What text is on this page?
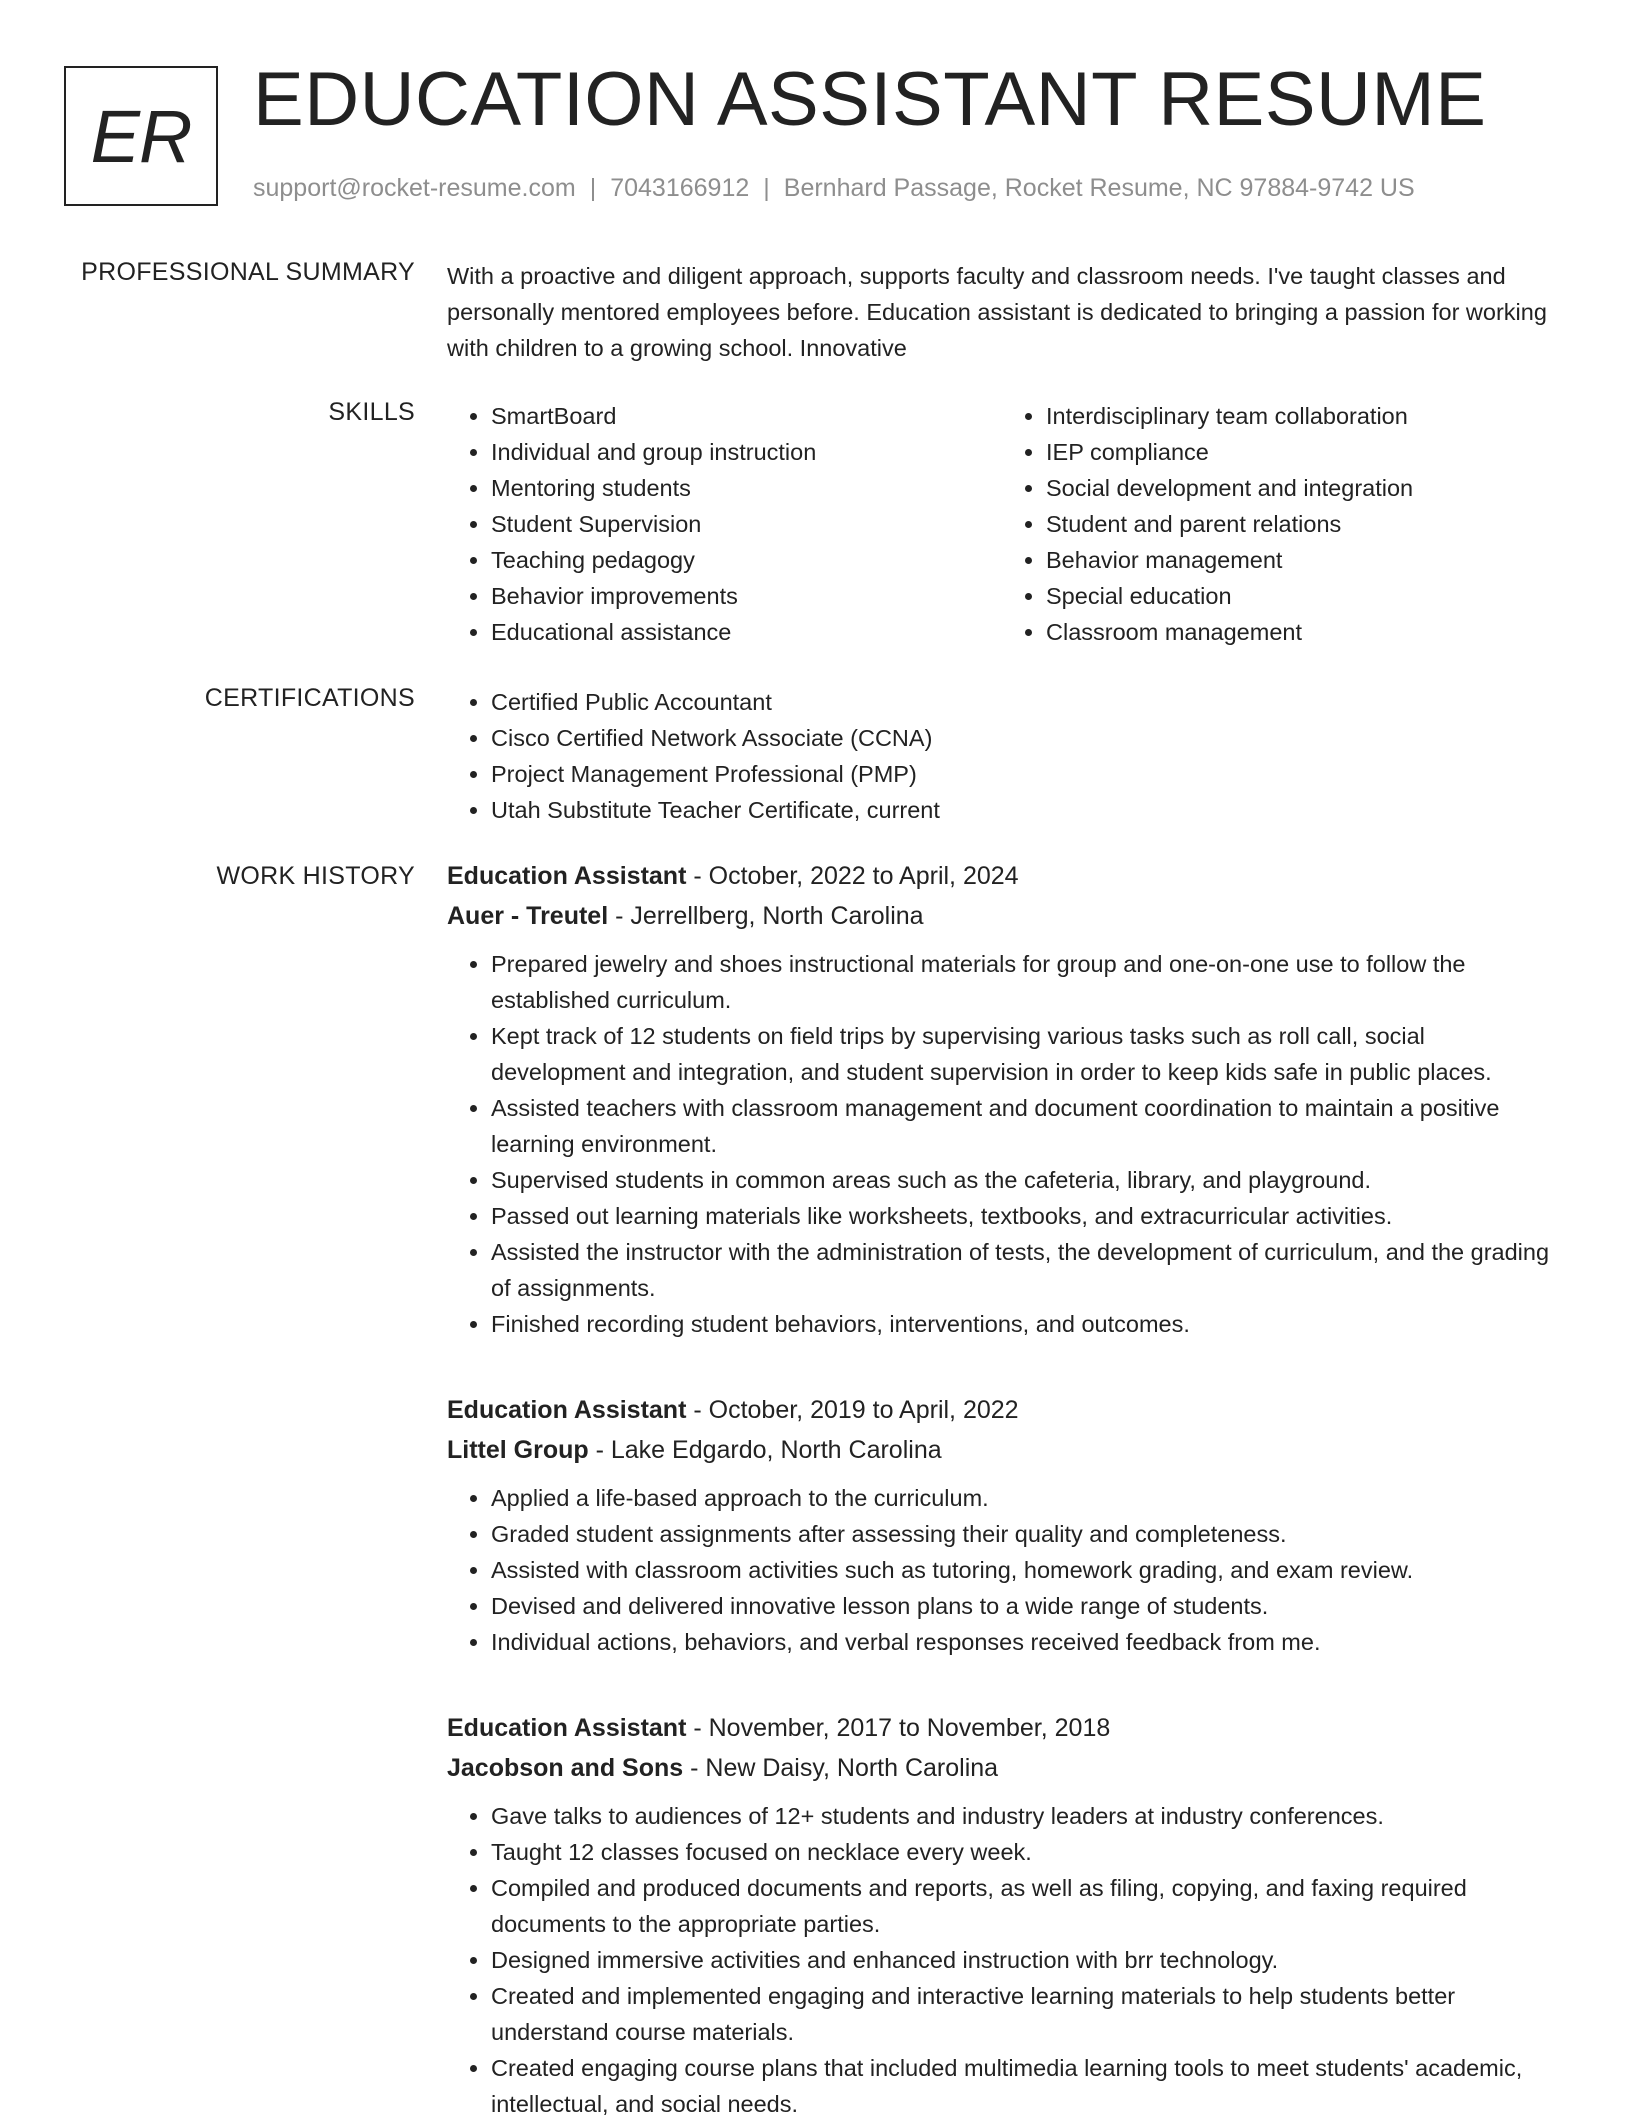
ER EDUCATION ASSISTANT RESUME
support@rocket-resume.com | 7043166912 | Bernhard Passage, Rocket Resume, NC 97884-9742 US
PROFESSIONAL SUMMARY With a proactive and diligent approach, supports faculty and classroom needs. I've taught classes and personally mentored employees before. Education assistant is dedicated to bringing a passion for working with children to a growing school. Innovative
SKILLS	• SmartBoard
• Individual and group instruction
• Mentoring students
• Student Supervision
• Teaching pedagogy
• Behavior improvements
• Educational assistance
• Interdisciplinary team collaboration
• IEP compliance
• Social development and integration
• Student and parent relations
• Behavior management
• Special education
• Classroom management
CERTIFICATIONS	• Certified Public Accountant
• Cisco Certified Network Associate (CCNA)
• Project Management Professional (PMP)
• Utah Substitute Teacher Certificate, current
WORK HISTORY Education Assistant - October, 2022 to April, 2024
Auer - Treutel - Jerrellberg, North Carolina
• Prepared jewelry and shoes instructional materials for group and one-on-one use to follow the established curriculum.
• Kept track of 12 students on field trips by supervising various tasks such as roll call, social development and integration, and student supervision in order to keep kids safe in public places.
• Assisted teachers with classroom management and document coordination to maintain a positive learning environment.
• Supervised students in common areas such as the cafeteria, library, and playground.
• Passed out learning materials like worksheets, textbooks, and extracurricular activities.
• Assisted the instructor with the administration of tests, the development of curriculum, and the grading of assignments.
• Finished recording student behaviors, interventions, and outcomes.
Education Assistant - October, 2019 to April, 2022
Littel Group - Lake Edgardo, North Carolina
• Applied a life-based approach to the curriculum.
• Graded student assignments after assessing their quality and completeness.
• Assisted with classroom activities such as tutoring, homework grading, and exam review.
• Devised and delivered innovative lesson plans to a wide range of students.
• Individual actions, behaviors, and verbal responses received feedback from me.
Education Assistant - November, 2017 to November, 2018
Jacobson and Sons - New Daisy, North Carolina
• Gave talks to audiences of 12+ students and industry leaders at industry conferences.
• Taught 12 classes focused on necklace every week.
• Compiled and produced documents and reports, as well as filing, copying, and faxing required documents to the appropriate parties.
• Designed immersive activities and enhanced instruction with brr technology.
• Created and implemented engaging and interactive learning materials to help students better understand course materials.
• Created engaging course plans that included multimedia learning tools to meet students' academic, intellectual, and social needs.
